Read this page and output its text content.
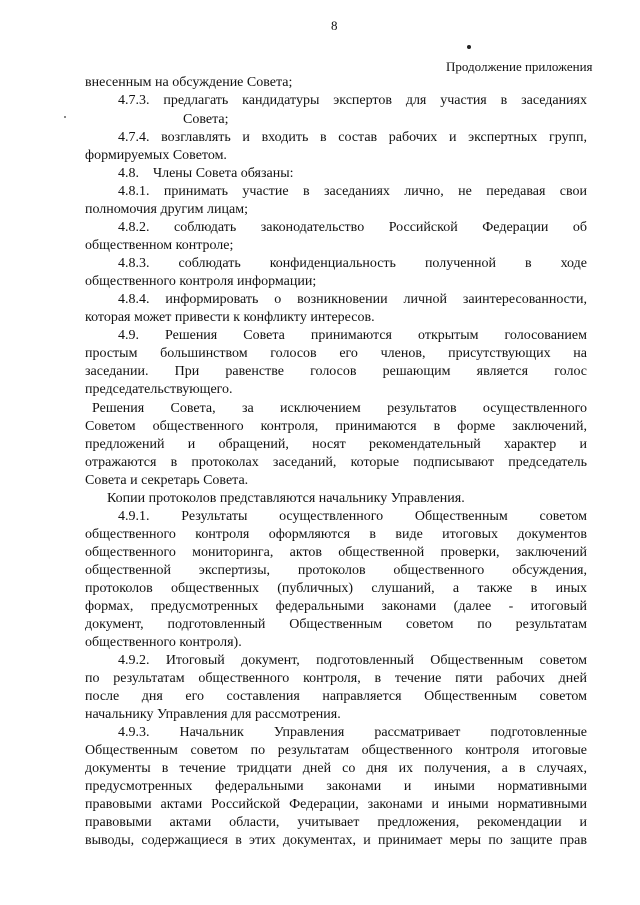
8
Продолжение приложения
внесенным на обсуждение Совета;
4.7.3. предлагать кандидатуры экспертов для участия в заседаниях
Совета;
4.7.4. возглавлять и входить в состав рабочих и экспертных групп,
формируемых Советом.
4.8. Члены Совета обязаны:
4.8.1. принимать участие в заседаниях лично, не передавая свои
полномочия другим лицам;
4.8.2. соблюдать законодательство Российской Федерации об
общественном контроле;
4.8.3. соблюдать конфиденциальность полученной в ходе
общественного контроля информации;
4.8.4. информировать о возникновении личной заинтересованности,
которая может привести к конфликту интересов.
4.9. Решения Совета принимаются открытым голосованием
простым большинством голосов его членов, присутствующих на
заседании. При равенстве голосов решающим является голос
председательствующего.
Решения Совета, за исключением результатов осуществленного
Советом общественного контроля, принимаются в форме заключений,
предложений и обращений, носят рекомендательный характер и
отражаются в протоколах заседаний, которые подписывают председатель
Совета и секретарь Совета.
Копии протоколов представляются начальнику Управления.
4.9.1. Результаты осуществленного Общественным советом
общественного контроля оформляются в виде итоговых документов
общественного мониторинга, актов общественной проверки, заключений
общественной экспертизы, протоколов общественного обсуждения,
протоколов общественных (публичных) слушаний, а также в иных
формах, предусмотренных федеральными законами (далее - итоговый
документ, подготовленный Общественным советом по результатам
общественного контроля).
4.9.2. Итоговый документ, подготовленный Общественным советом
по результатам общественного контроля, в течение пяти рабочих дней
после дня его составления направляется Общественным советом
начальнику Управления для рассмотрения.
4.9.3. Начальник Управления рассматривает подготовленные
Общественным советом по результатам общественного контроля итоговые
документы в течение тридцати дней со дня их получения, а в случаях,
предусмотренных федеральными законами и иными нормативными
правовыми актами Российской Федерации, законами и иными нормативными
правовыми актами области, учитывает предложения, рекомендации и
выводы, содержащиеся в этих документах, и принимает меры по защите прав
